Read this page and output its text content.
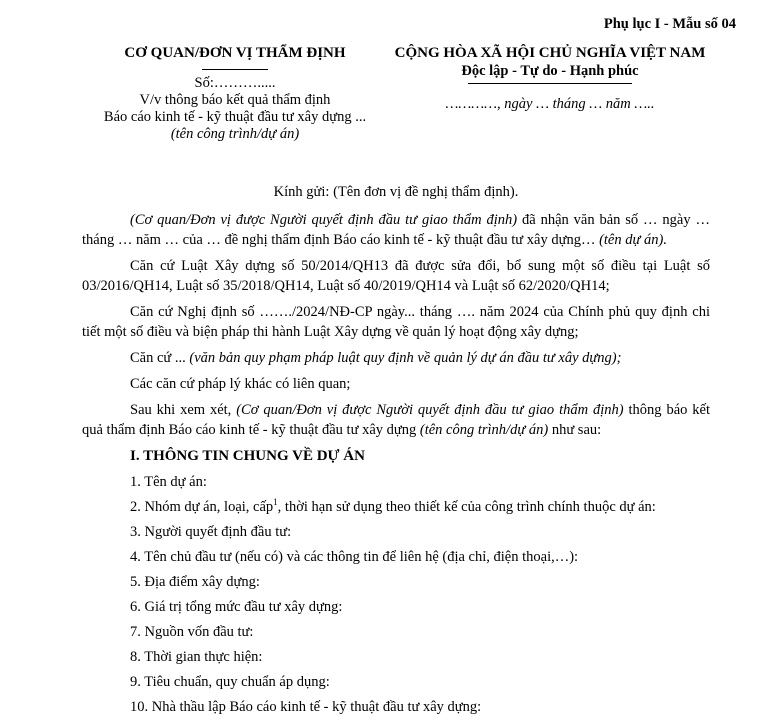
Phụ lục I - Mẫu số 04
CƠ QUAN/ĐƠN VỊ THẨM ĐỊNH
Số:……….....
V/v thông báo kết quả thẩm định
Báo cáo kinh tế - kỹ thuật đầu tư xây dựng ...
(tên công trình/dự án)
CỘNG HÒA XÃ HỘI CHỦ NGHĨA VIỆT NAM
Độc lập - Tự do - Hạnh phúc
…………, ngày … tháng … năm …..
Kính gửi: (Tên đơn vị đề nghị thẩm định).
(Cơ quan/Đơn vị được Người quyết định đầu tư giao thẩm định) đã nhận văn bản số … ngày … tháng … năm … của … đề nghị thẩm định Báo cáo kinh tế - kỹ thuật đầu tư xây dựng… (tên dự án).
Căn cứ Luật Xây dựng số 50/2014/QH13 đã được sửa đổi, bổ sung một số điều tại Luật số 03/2016/QH14, Luật số 35/2018/QH14, Luật số 40/2019/QH14 và Luật số 62/2020/QH14;
Căn cứ Nghị định số ……./2024/NĐ-CP ngày... tháng …. năm 2024 của Chính phủ quy định chi tiết một số điều và biện pháp thi hành Luật Xây dựng về quản lý hoạt động xây dựng;
Căn cứ ... (văn bản quy phạm pháp luật quy định về quản lý dự án đầu tư xây dựng);
Các căn cứ pháp lý khác có liên quan;
Sau khi xem xét, (Cơ quan/Đơn vị được Người quyết định đầu tư giao thẩm định) thông báo kết quả thẩm định Báo cáo kinh tế - kỹ thuật đầu tư xây dựng (tên công trình/dự án) như sau:
I. THÔNG TIN CHUNG VỀ DỰ ÁN
1. Tên dự án:
2. Nhóm dự án, loại, cấp$^1$, thời hạn sử dụng theo thiết kế của công trình chính thuộc dự án:
3. Người quyết định đầu tư:
4. Tên chủ đầu tư (nếu có) và các thông tin để liên hệ (địa chỉ, điện thoại,…):
5. Địa điểm xây dựng:
6. Giá trị tổng mức đầu tư xây dựng:
7. Nguồn vốn đầu tư:
8. Thời gian thực hiện:
9. Tiêu chuẩn, quy chuẩn áp dụng:
10. Nhà thầu lập Báo cáo kinh tế - kỹ thuật đầu tư xây dựng:
